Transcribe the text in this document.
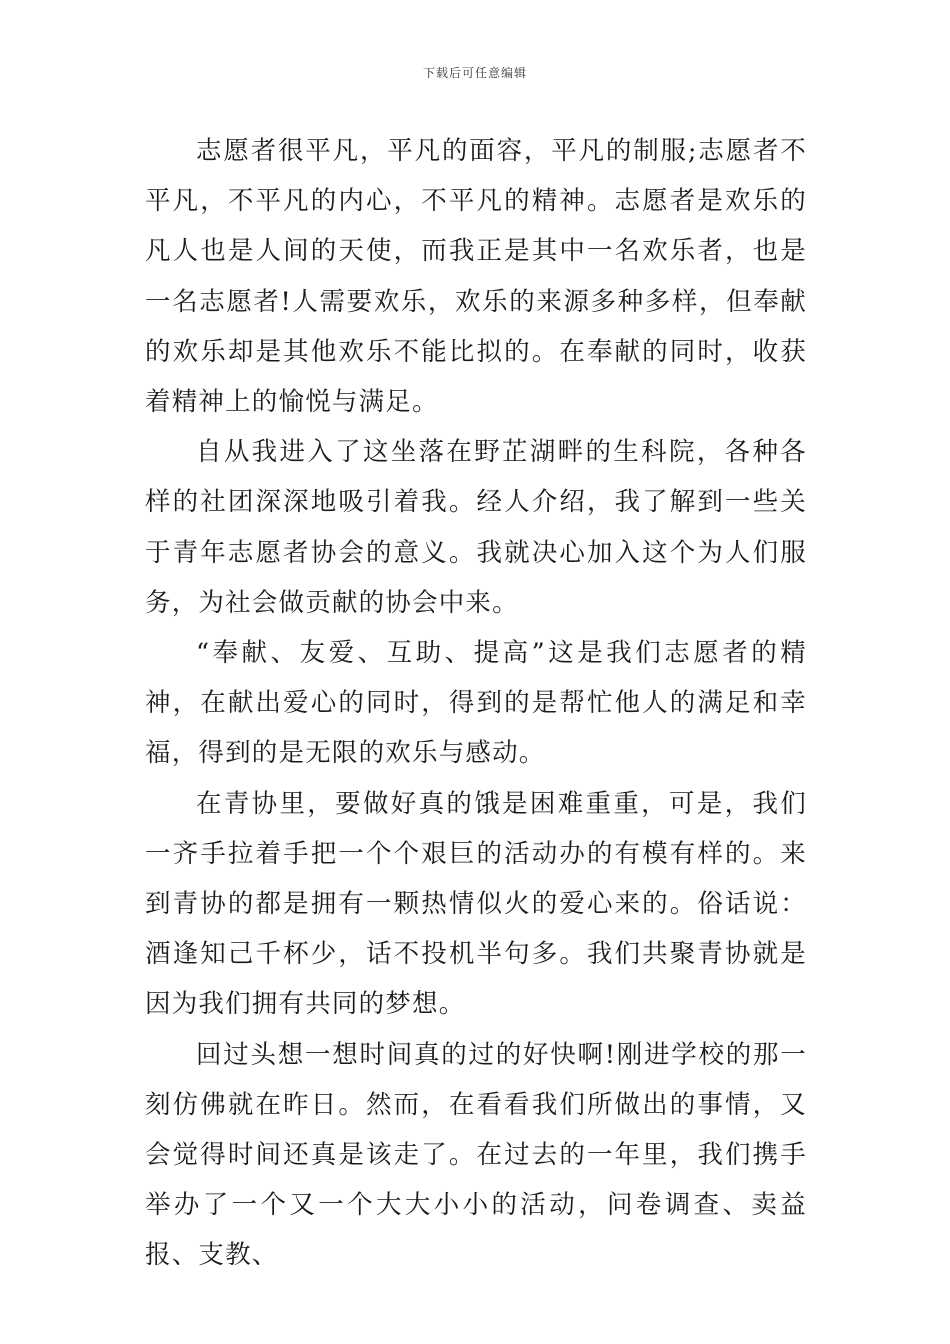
下载后可任意编辑

志愿者很平凡，平凡的面容，平凡的制服;志愿者不平凡，不平凡的内心，不平凡的精神。志愿者是欢乐的凡人也是人间的天使，而我正是其中一名欢乐者，也是一名志愿者!人需要欢乐，欢乐的来源多种多样，但奉献的欢乐却是其他欢乐不能比拟的。在奉献的同时，收获着精神上的愉悦与满足。

自从我进入了这坐落在野芷湖畔的生科院，各种各样的社团深深地吸引着我。经人介绍，我了解到一些关于青年志愿者协会的意义。我就决心加入这个为人们服务，为社会做贡献的协会中来。

“奉献、友爱、互助、提高”这是我们志愿者的精神，在献出爱心的同时，得到的是帮忙他人的满足和幸福，得到的是无限的欢乐与感动。

在青协里，要做好真的饿是困难重重，可是，我们一齐手拉着手把一个个艰巨的活动办的有模有样的。来到青协的都是拥有一颗热情似火的爱心来的。俗话说：酒逢知己千杯少，话不投机半句多。我们共聚青协就是因为我们拥有共同的梦想。

回过头想一想时间真的过的好快啊!刚进学校的那一刻仿佛就在昨日。然而，在看看我们所做出的事情，又会觉得时间还真是该走了。在过去的一年里，我们携手举办了一个又一个大大小小的活动，问卷调查、卖益报、支教、
